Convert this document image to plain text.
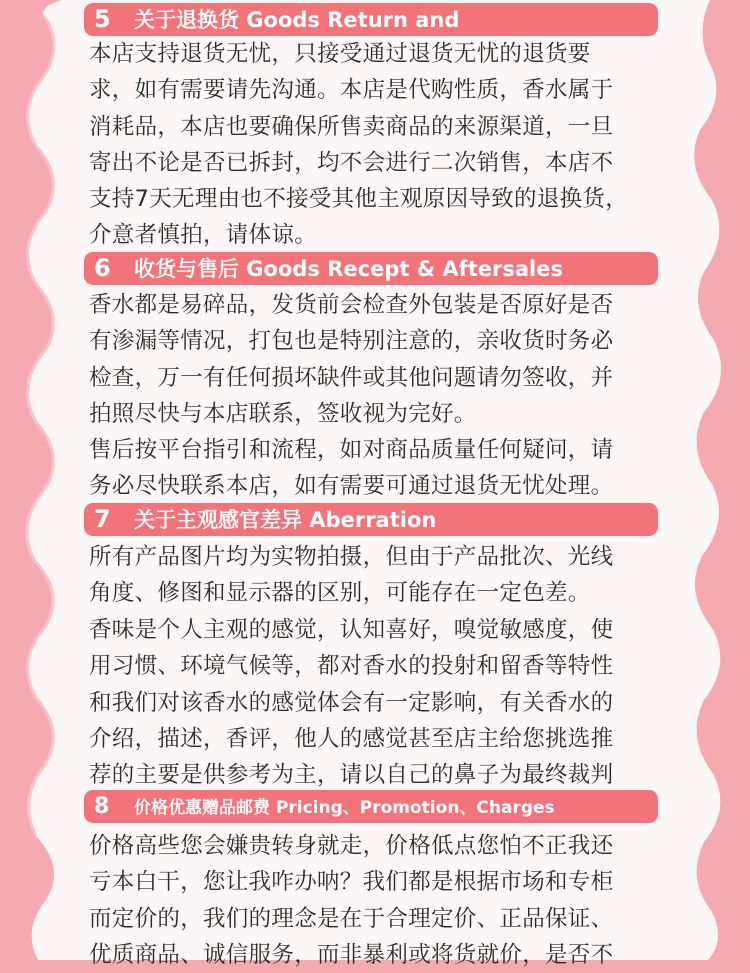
5 关于退换货 Goods Return and

本店支持退货无忧，只接受通过退货无忧的退货要
求，如有需要请先沟通。本店是代购性质，香水属于
消耗品，本店也要确保所售卖商品的来源渠道，一旦
寄出不论是否已拆封，均不会进行二次销售，本店不
支持7天无理由也不接受其他主观原因导致的退换货，
介意者慎拍，请体谅。

6 收货与售后 Goods Recept & Aftersales

香水都是易碎品，发货前会检查外包装是否原好是否
有渗漏等情况，打包也是特别注意的，亲收货时务必
检查，万一有任何损坏缺件或其他问题请勿签收，并
拍照尽快与本店联系，签收视为完好。

售后按平台指引和流程，如对商品质量任何疑问，请
务必尽快联系本店，如有需要可通过退货无忧处理。

7 关于主观感官差异 Aberration

所有产品图片均为实物拍摄，但由于产品批次、光线
角度、修图和显示器的区别，可能存在一定色差。

香味是个人主观的感觉，认知喜好，嗅觉敏感度，使
用习惯、环境气候等，都对香水的投射和留香等特性
和我们对该香水的感觉体会有一定影响，有关香水的
介绍，描述，香评，他人的感觉甚至店主给您挑选推
荐的主要是供参考为主，请以自己的鼻子为最终裁判

8 价格优惠赠品邮费 Pricing、Promotion、Charges

价格高些您会嫌贵转身就走，价格低点您怕不正我还
亏本白干，您让我咋办呐？我们都是根据市场和专柜
而定价的，我们的理念是在于合理定价、正品保证、
优质商品、诚信服务，而非暴利或将货就价，是否不
